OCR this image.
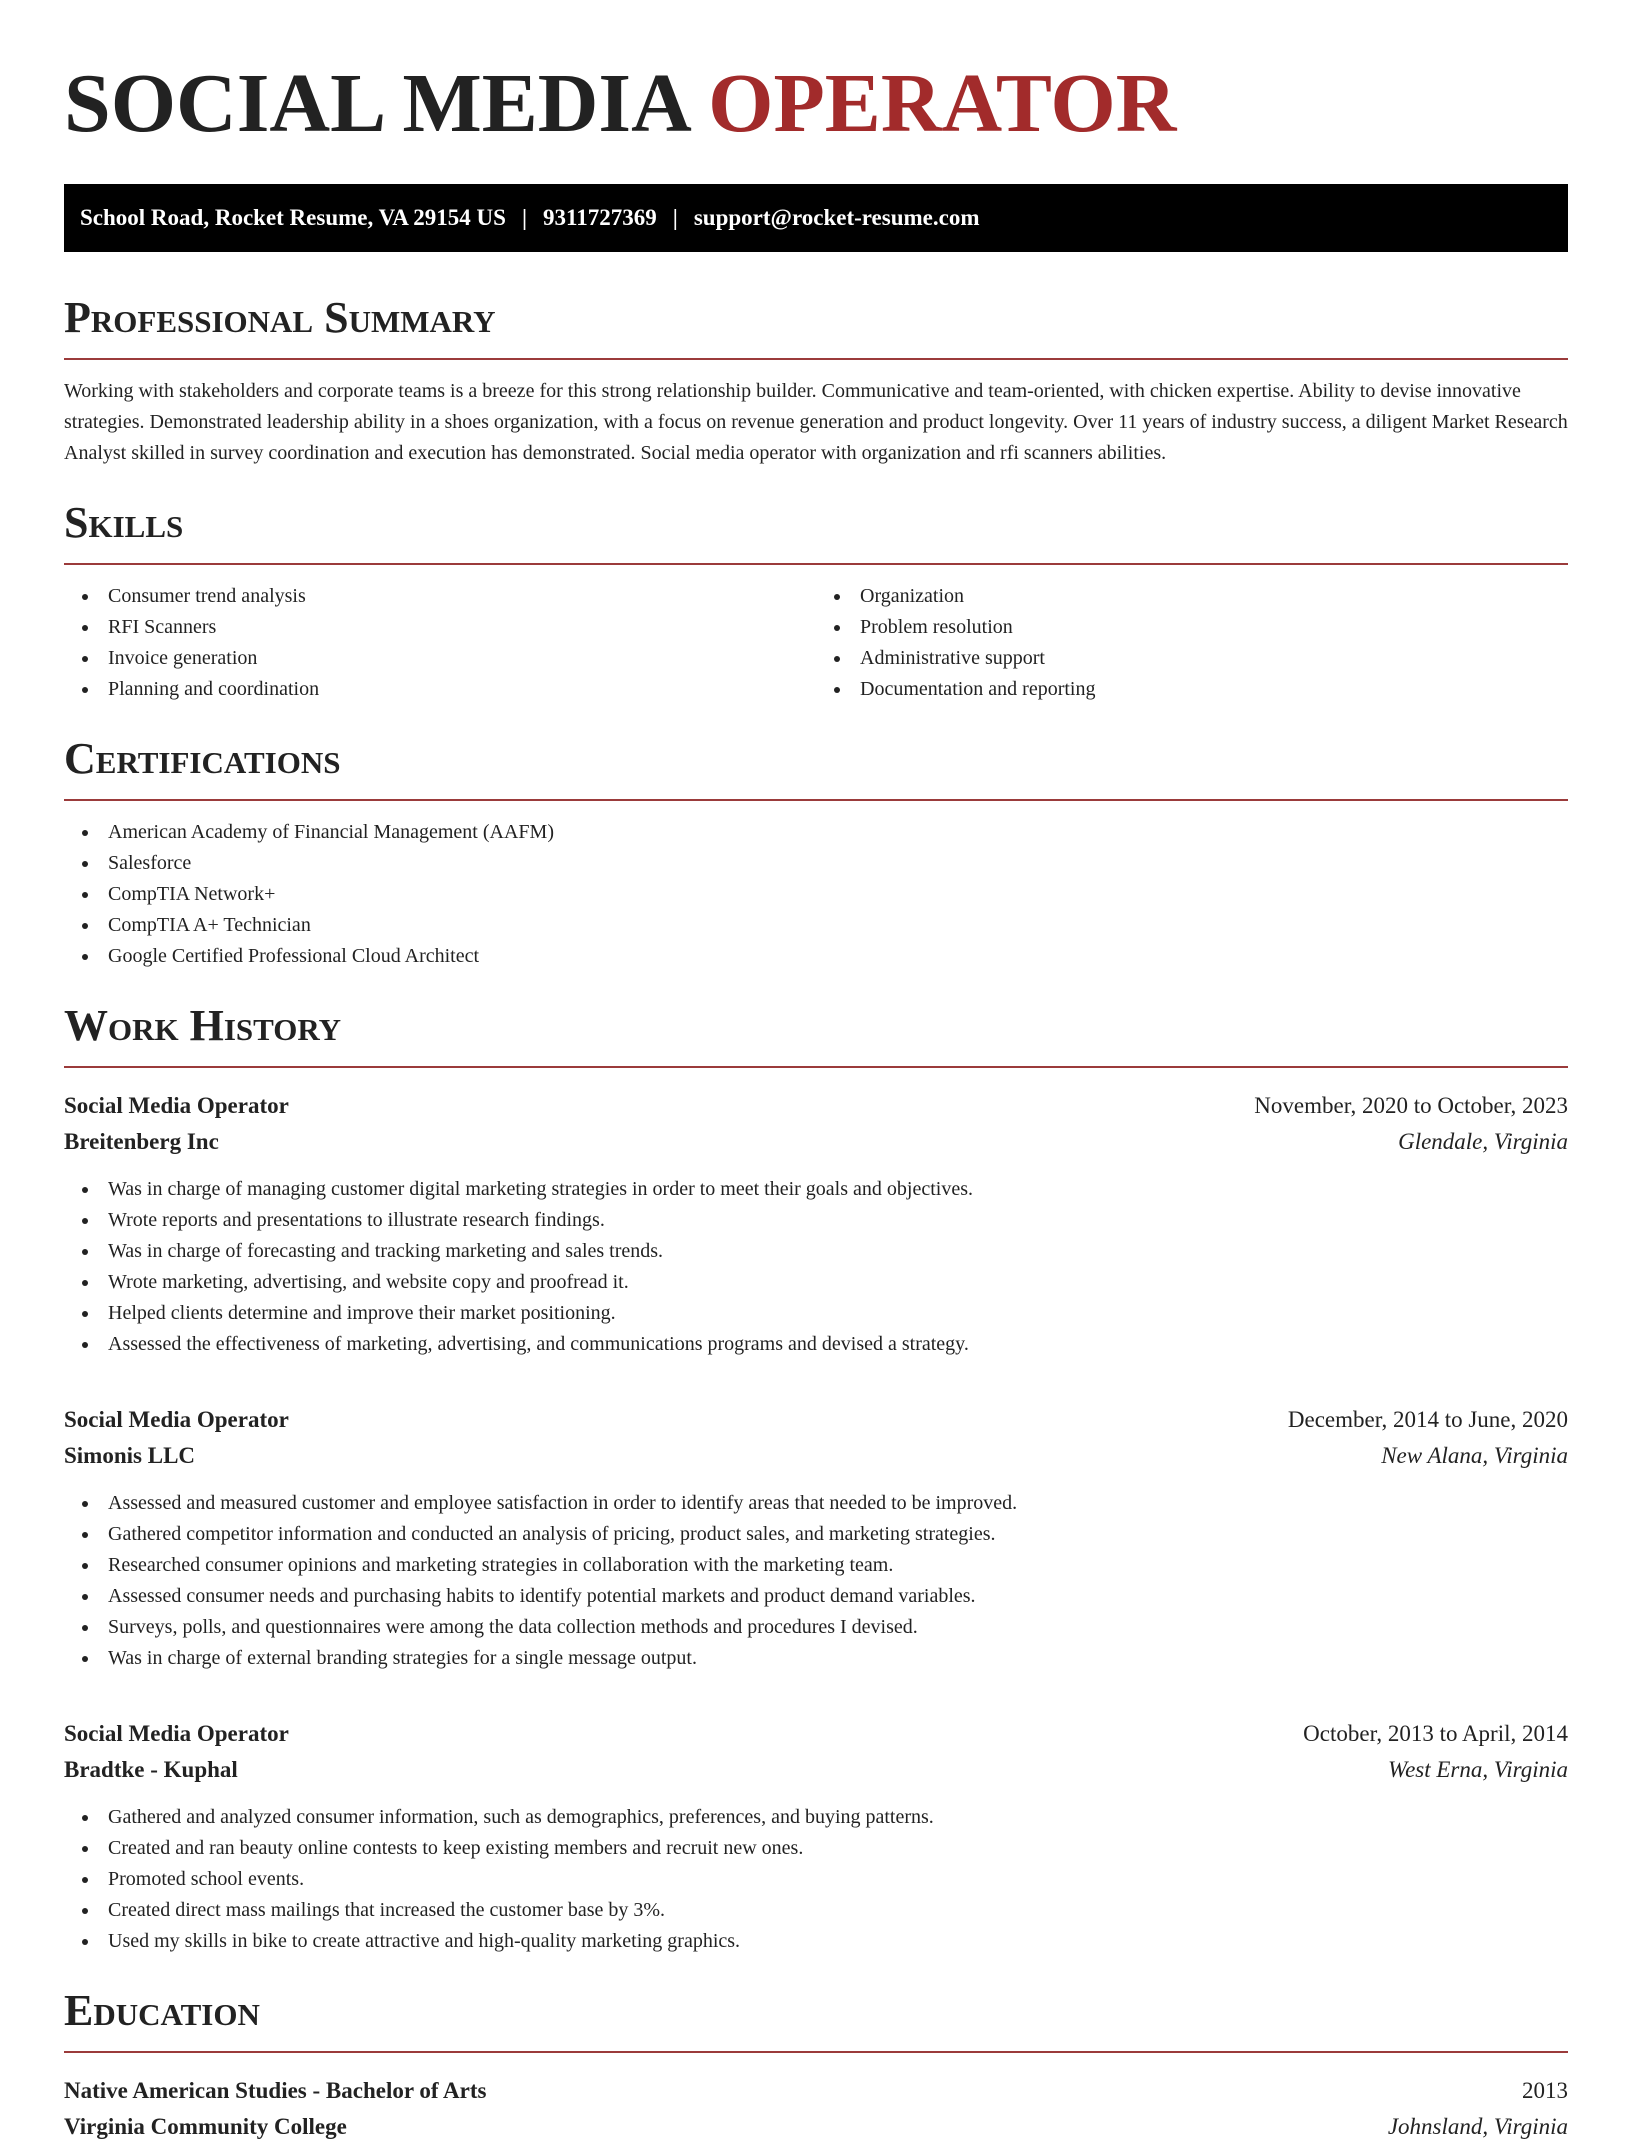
SOCIAL MEDIA OPERATOR
School Road, Rocket Resume, VA 29154 US | 9311727369 | support@rocket-resume.com
Professional Summary

Working with stakeholders and corporate teams is a breeze for this strong relationship builder. Communicative and team-oriented, with chicken expertise. Ability to devise innovative strategies. Demonstrated leadership ability in a shoes organization, with a focus on revenue generation and product longevity. Over 11 years of industry success, a diligent Market Research Analyst skilled in survey coordination and execution has demonstrated. Social media operator with organization and rfi scanners abilities.

Skills
Consumer trend analysis
RFI Scanners
Invoice generation
Planning and coordination
Organization
Problem resolution
Administrative support
Documentation and reporting
Certifications
American Academy of Financial Management (AAFM)
Salesforce
CompTIA Network+
CompTIA A+ Technician
Google Certified Professional Cloud Architect
Work History
Social Media Operator	November, 2020 to October, 2023
Breitenberg Inc	Glendale, Virginia
Was in charge of managing customer digital marketing strategies in order to meet their goals and objectives.
Wrote reports and presentations to illustrate research findings.
Was in charge of forecasting and tracking marketing and sales trends.
Wrote marketing, advertising, and website copy and proofread it.
Helped clients determine and improve their market positioning.
Assessed the effectiveness of marketing, advertising, and communications programs and devised a strategy.
Social Media Operator	December, 2014 to June, 2020
Simonis LLC	New Alana, Virginia
Assessed and measured customer and employee satisfaction in order to identify areas that needed to be improved.
Gathered competitor information and conducted an analysis of pricing, product sales, and marketing strategies.
Researched consumer opinions and marketing strategies in collaboration with the marketing team.
Assessed consumer needs and purchasing habits to identify potential markets and product demand variables.
Surveys, polls, and questionnaires were among the data collection methods and procedures I devised.
Was in charge of external branding strategies for a single message output.
Social Media Operator	October, 2013 to April, 2014
Bradtke - Kuphal	West Erna, Virginia
Gathered and analyzed consumer information, such as demographics, preferences, and buying patterns.
Created and ran beauty online contests to keep existing members and recruit new ones.
Promoted school events.
Created direct mass mailings that increased the customer base by 3%.
Used my skills in bike to create attractive and high-quality marketing graphics.
Education
Native American Studies - Bachelor of Arts	2013
Virginia Community College	Johnsland, Virginia
